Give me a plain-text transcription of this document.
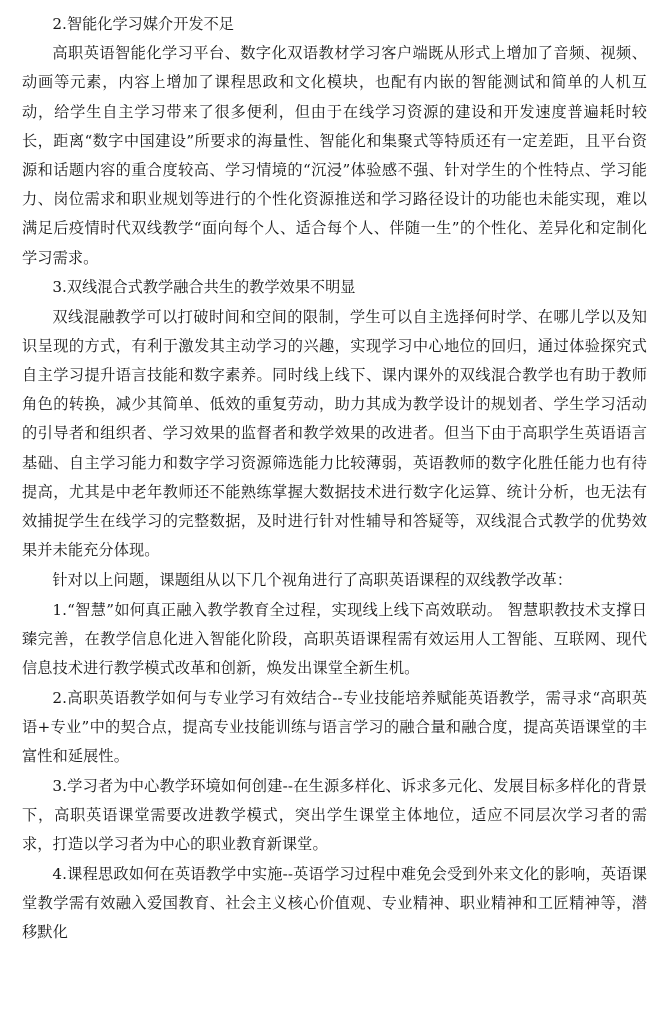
2.智能化学习媒介开发不足
高职英语智能化学习平台、数字化双语教材学习客户端既从形式上增加了音频、视频、动画等元素，内容上增加了课程思政和文化模块，也配有内嵌的智能测试和简单的人机互动，给学生自主学习带来了很多便利，但由于在线学习资源的建设和开发速度普遍耗时较长，距离“数字中国建设”所要求的海量性、智能化和集聚式等特质还有一定差距，且平台资源和话题内容的重合度较高、学习情境的“沉浸”体验感不强、针对学生的个性特点、学习能力、岗位需求和职业规划等进行的个性化资源推送和学习路径设计的功能也未能实现，难以满足后疫情时代双线教学“面向每个人、适合每个人、伴随一生”的个性化、差异化和定制化学习需求。
3.双线混合式教学融合共生的教学效果不明显
双线混融教学可以打破时间和空间的限制，学生可以自主选择何时学、在哪儿学以及知识呈现的方式，有利于激发其主动学习的兴趣，实现学习中心地位的回归，通过体验探究式自主学习提升语言技能和数字素养。同时线上线下、课内课外的双线混合教学也有助于教师角色的转换，减少其简单、低效的重复劳动，助力其成为教学设计的规划者、学生学习活动的引导者和组织者、学习效果的监督者和教学效果的改进者。但当下由于高职学生英语语言基础、自主学习能力和数字学习资源筛选能力比较薄弱，英语教师的数字化胜任能力也有待提高，尤其是中老年教师还不能熟练掌握大数据技术进行数字化运算、统计分析，也无法有效捕捉学生在线学习的完整数据，及时进行针对性辅导和答疑等，双线混合式教学的优势效果并未能充分体现。
针对以上问题，课题组从以下几个视角进行了高职英语课程的双线教学改革：
1.“智慧”如何真正融入教学教育全过程，实现线上线下高效联动。 智慧职教技术支撑日臻完善，在教学信息化进入智能化阶段，高职英语课程需有效运用人工智能、互联网、现代信息技术进行教学模式改革和创新，焕发出课堂全新生机。
2.高职英语教学如何与专业学习有效结合--专业技能培养赋能英语教学，需寻求“高职英语+专业”中的契合点，提高专业技能训练与语言学习的融合量和融合度，提高英语课堂的丰富性和延展性。
3.学习者为中心教学环境如何创建--在生源多样化、诉求多元化、发展目标多样化的背景下，高职英语课堂需要改进教学模式，突出学生课堂主体地位，适应不同层次学习者的需求，打造以学习者为中心的职业教育新课堂。
4.课程思政如何在英语教学中实施--英语学习过程中难免会受到外来文化的影响，英语课堂教学需有效融入爱国教育、社会主义核心价值观、专业精神、职业精神和工匠精神等，潜移默化
